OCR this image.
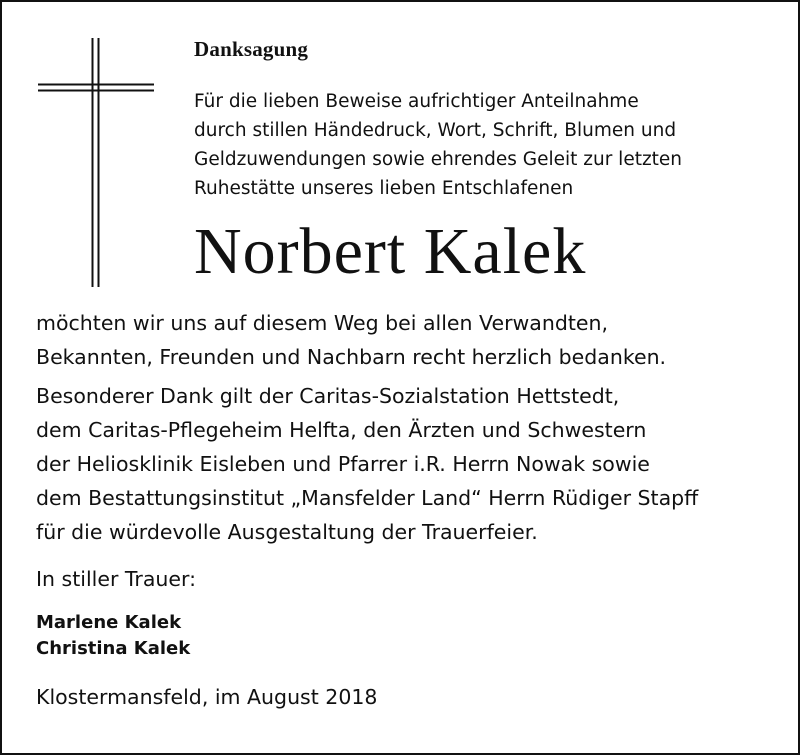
Danksagung
Für die lieben Beweise aufrichtiger Anteilnahme
durch stillen Händedruck, Wort, Schrift, Blumen und
Geldzuwendungen sowie ehrendes Geleit zur letzten
Ruhestätte unseres lieben Entschlafenen
Norbert Kalek
möchten wir uns auf diesem Weg bei allen Verwandten,
Bekannten, Freunden und Nachbarn recht herzlich bedanken.
Besonderer Dank gilt der Caritas-Sozialstation Hettstedt,
dem Caritas-Pflegeheim Helfta, den Ärzten und Schwestern
der Heliosklinik Eisleben und Pfarrer i.R. Herrn Nowak sowie
dem Bestattungsinstitut „Mansfelder Land“ Herrn Rüdiger Stapff
für die würdevolle Ausgestaltung der Trauerfeier.
In stiller Trauer:
Marlene Kalek
Christina Kalek
Klostermansfeld, im August 2018
